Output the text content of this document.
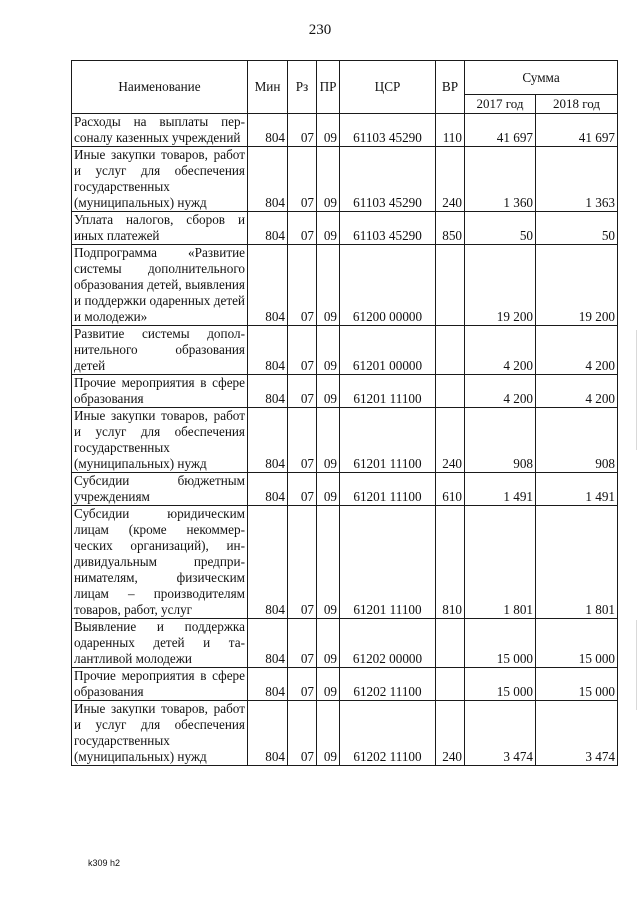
230
Наименование	Мин	Рз	ПР	ЦСР	ВР	Сумма	
						2017 год	2018 год
Расходы на выплаты персоналу казенных учреждений	804	07	09	61103 45290	110	41 697	41 697
Иные закупки товаров, работ и услуг для обеспечения государственных (муниципальных) нужд	804	07	09	61103 45290	240	1 360	1 363
Уплата налогов, сборов и иных платежей	804	07	09	61103 45290	850	50	50
Подпрограмма «Развитие системы дополнительного образования детей, выявления и поддержки одаренных детей и молодежи»	804	07	09	61200 00000		19 200	19 200
Развитие системы дополнительного образования детей	804	07	09	61201 00000		4 200	4 200
Прочие мероприятия в сфере образования	804	07	09	61201 11100		4 200	4 200
Иные закупки товаров, работ и услуг для обеспечения государственных (муниципальных) нужд	804	07	09	61201 11100	240	908	908
Субсидии бюджетным учреждениям	804	07	09	61201 11100	610	1 491	1 491
Субсидии юридическим лицам (кроме некоммерческих организаций), индивидуальным предпринимателям, физическим лицам – производителям товаров, работ, услуг	804	07	09	61201 11100	810	1 801	1 801
Выявление и поддержка одаренных детей и талантливой молодежи	804	07	09	61202 00000		15 000	15 000
Прочие мероприятия в сфере образования	804	07	09	61202 11100		15 000	15 000
Иные закупки товаров, работ и услуг для обеспечения государственных (муниципальных) нужд	804	07	09	61202 11100	240	3 474	3 474
k309 h2
